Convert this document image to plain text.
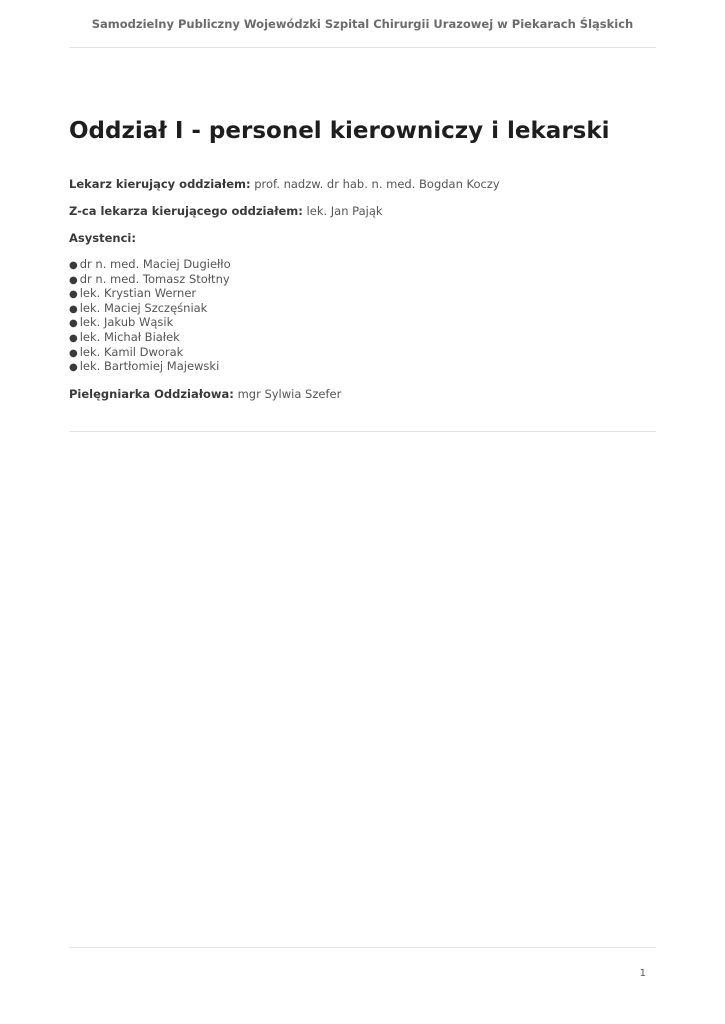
Samodzielny Publiczny Wojewódzki Szpital Chirurgii Urazowej w Piekarach Śląskich
Oddział I - personel kierowniczy i lekarski
Lekarz kierujący oddziałem: prof. nadzw. dr hab. n. med. Bogdan Koczy
Z-ca lekarza kierującego oddziałem: lek. Jan Pająk
Asystenci:
● dr n. med. Maciej Dugiełło
● dr n. med. Tomasz Stołtny
● lek. Krystian Werner
● lek. Maciej Szczęśniak
● lek. Jakub Wąsik
● lek. Michał Białek
● lek. Kamil Dworak
● lek. Bartłomiej Majewski
Pielęgniarka Oddziałowa: mgr Sylwia Szefer
1
